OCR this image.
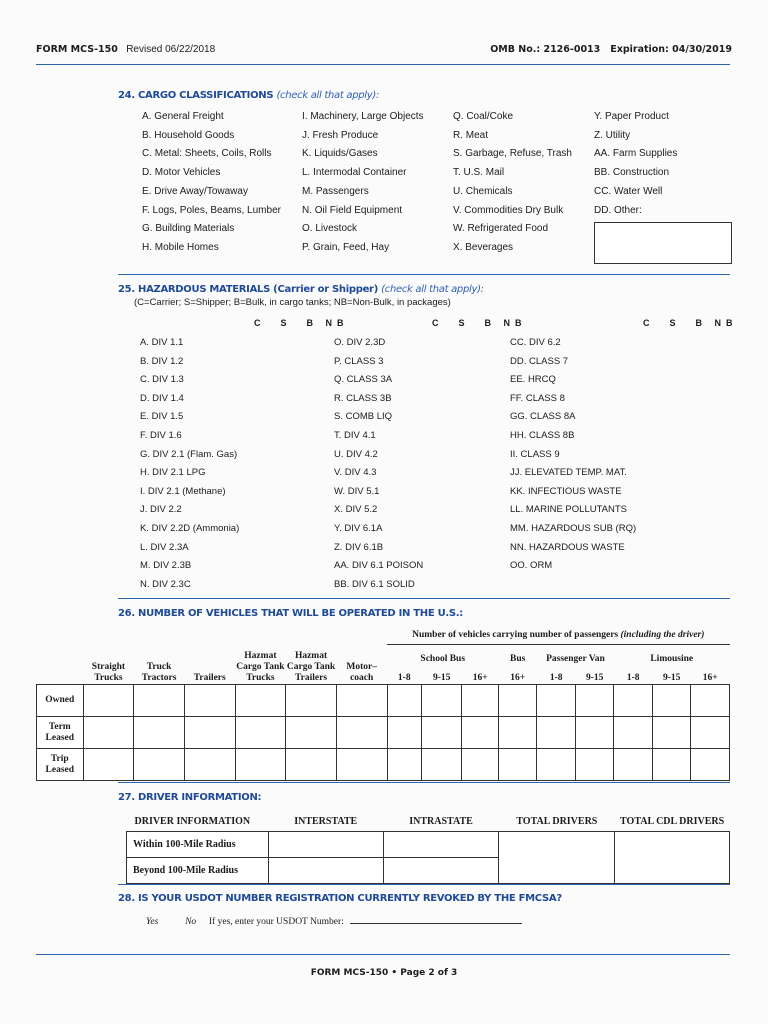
FORM MCS-150 Revised 06/22/2018	OMB No.: 2126-0013   Expiration: 04/30/2019
24. CARGO CLASSIFICATIONS (check all that apply):
A. General Freight
B. Household Goods
C. Metal: Sheets, Coils, Rolls
D. Motor Vehicles
E. Drive Away/Towaway
F. Logs, Poles, Beams, Lumber
G. Building Materials
H. Mobile Homes
I. Machinery, Large Objects
J. Fresh Produce
K. Liquids/Gases
L. Intermodal Container
M. Passengers
N. Oil Field Equipment
O. Livestock
P. Grain, Feed, Hay
Q. Coal/Coke
R. Meat
S. Garbage, Refuse, Trash
T. U.S. Mail
U. Chemicals
V. Commodities Dry Bulk
W. Refrigerated Food
X. Beverages
Y. Paper Product
Z. Utility
AA. Farm Supplies
BB. Construction
CC. Water Well
DD. Other:
25. HAZARDOUS MATERIALS (Carrier or Shipper) (check all that apply):
(C=Carrier; S=Shipper; B=Bulk, in cargo tanks; NB=Non-Bulk, in packages)
C  S  B NB	C  S  B NB	C  S  B NB
A. DIV 1.1
B. DIV 1.2
C. DIV 1.3
D. DIV 1.4
E. DIV 1.5
F. DIV 1.6
G. DIV 2.1 (Flam. Gas)
H. DIV 2.1 LPG
I. DIV 2.1 (Methane)
J. DIV 2.2
K. DIV 2.2D (Ammonia)
L. DIV 2.3A
M. DIV 2.3B
N. DIV 2.3C
O. DIV 2.3D
P. CLASS 3
Q. CLASS 3A
R. CLASS 3B
S. COMB LIQ
T. DIV 4.1
U. DIV 4.2
V. DIV 4.3
W. DIV 5.1
X. DIV 5.2
Y. DIV 6.1A
Z. DIV 6.1B
AA. DIV 6.1 POISON
BB. DIV 6.1 SOLID
CC. DIV 6.2
DD. CLASS 7
EE. HRCQ
FF. CLASS 8
GG. CLASS 8A
HH. CLASS 8B
II. CLASS 9
JJ. ELEVATED TEMP. MAT.
KK. INFECTIOUS WASTE
LL. MARINE POLLUTANTS
MM. HAZARDOUS SUB (RQ)
NN. HAZARDOUS WASTE
OO. ORM
26. NUMBER OF VEHICLES THAT WILL BE OPERATED IN THE U.S.:
	Straight Trucks	Truck Tractors	Trailers	Hazmat Cargo Tank Trucks	Hazmat Cargo Tank Trailers	Motor– coach	Number of vehicles carrying number of passengers (including the driver)								
							School Bus			Bus	Passenger Van		Limousine		
							1-8	9-15	16+	16+	1-8	9-15	1-8	9-15	16+
Owned															
Term Leased															
Trip Leased															
27. DRIVER INFORMATION:
DRIVER INFORMATION	INTERSTATE	INTRASTATE	TOTAL DRIVERS	TOTAL CDL DRIVERS
Within 100-Mile Radius				
Beyond 100-Mile Radius				
28. IS YOUR USDOT NUMBER REGISTRATION CURRENTLY REVOKED BY THE FMCSA?
Yes	No If yes, enter your USDOT Number:
FORM MCS-150 • Page 2 of 3
